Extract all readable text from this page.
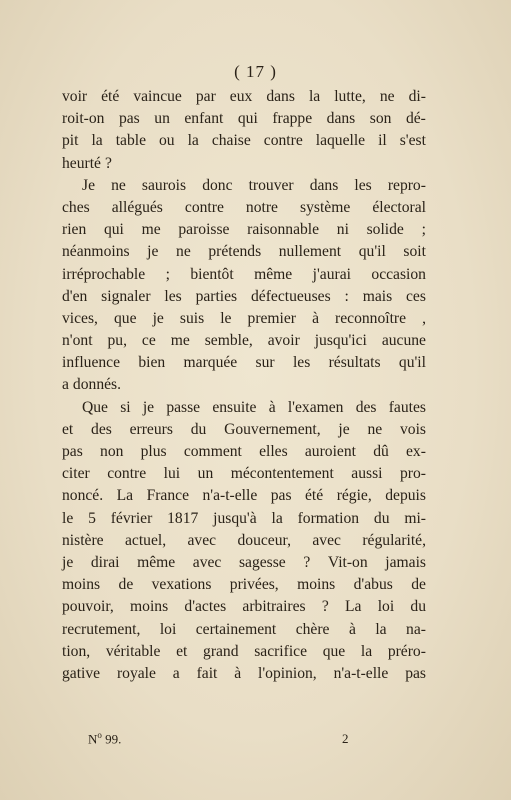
( 17 )
voir été vaincue par eux dans la lutte, ne di-
roit-on pas un enfant qui frappe dans son dé-
pit la table ou la chaise contre laquelle il s'est
heurté ?
Je ne saurois donc trouver dans les repro-
ches allégués contre notre système électoral
rien qui me paroisse raisonnable ni solide ;
néanmoins je ne prétends nullement qu'il soit
irréprochable ; bientôt même j'aurai occasion
d'en signaler les parties défectueuses : mais ces
vices, que je suis le premier à reconnoître ,
n'ont pu, ce me semble, avoir jusqu'ici aucune
influence bien marquée sur les résultats qu'il
a donnés.
Que si je passe ensuite à l'examen des fautes
et des erreurs du Gouvernement, je ne vois
pas non plus comment elles auroient dû ex-
citer contre lui un mécontentement aussi pro-
noncé. La France n'a-t-elle pas été régie, depuis
le 5 février 1817 jusqu'à la formation du mi-
nistère actuel, avec douceur, avec régularité,
je dirai même avec sagesse ? Vit-on jamais
moins de vexations privées, moins d'abus de
pouvoir, moins d'actes arbitraires ? La loi du
recrutement, loi certainement chère à la na-
tion, véritable et grand sacrifice que la préro-
gative royale a fait à l'opinion, n'a-t-elle pas
$N^o$ 99.	2
